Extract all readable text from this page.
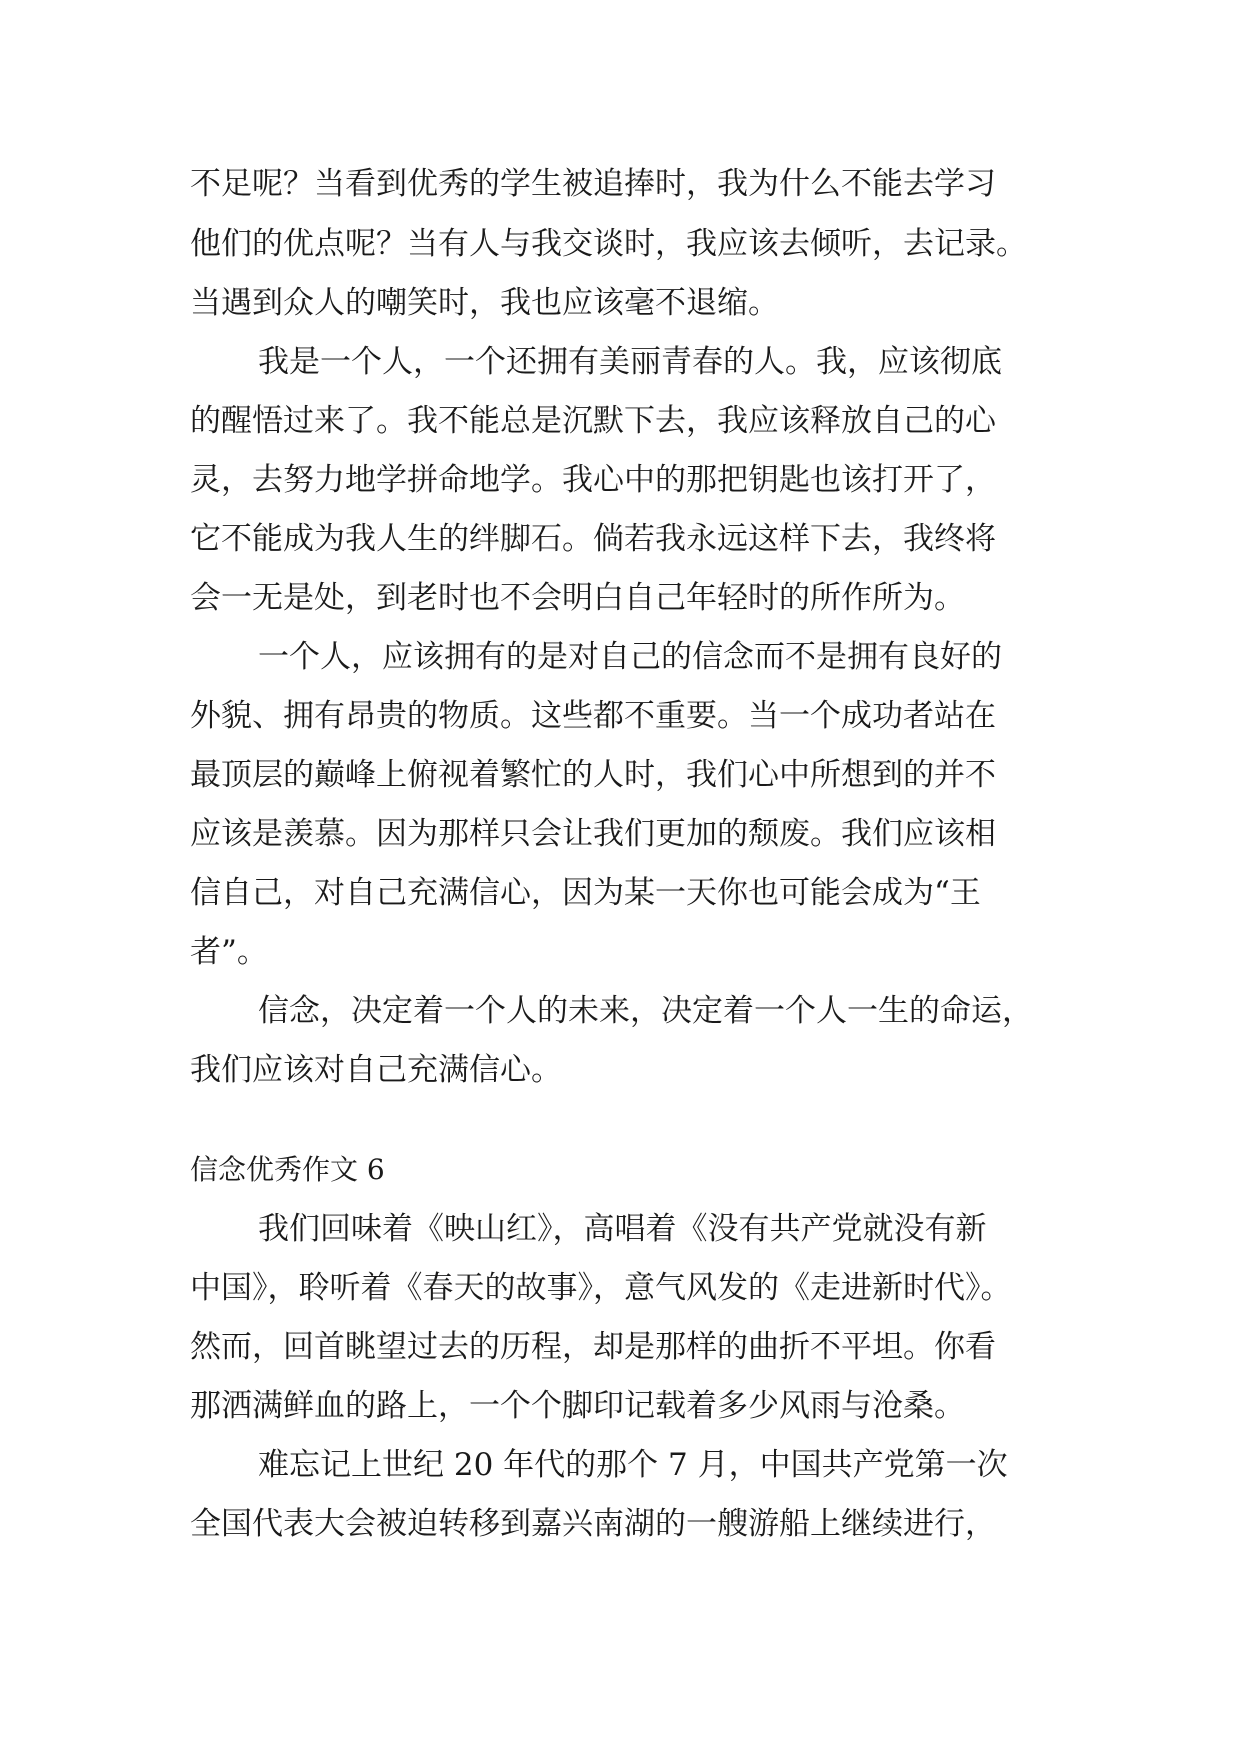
不足呢？当看到优秀的学生被追捧时，我为什么不能去学习
他们的优点呢？当有人与我交谈时，我应该去倾听，去记录。
当遇到众人的嘲笑时，我也应该毫不退缩。
我是一个人，一个还拥有美丽青春的人。我，应该彻底
的醒悟过来了。我不能总是沉默下去，我应该释放自己的心
灵，去努力地学拼命地学。我心中的那把钥匙也该打开了，
它不能成为我人生的绊脚石。倘若我永远这样下去，我终将
会一无是处，到老时也不会明白自己年轻时的所作所为。
一个人，应该拥有的是对自己的信念而不是拥有良好的
外貌、拥有昂贵的物质。这些都不重要。当一个成功者站在
最顶层的巅峰上俯视着繁忙的人时，我们心中所想到的并不
应该是羡慕。因为那样只会让我们更加的颓废。我们应该相
信自己，对自己充满信心，因为某一天你也可能会成为“王
者”。
信念，决定着一个人的未来，决定着一个人一生的命运，
我们应该对自己充满信心。
信念优秀作文 6
我们回味着《映山红》，高唱着《没有共产党就没有新
中国》，聆听着《春天的故事》，意气风发的《走进新时代》。
然而，回首眺望过去的历程，却是那样的曲折不平坦。你看
那洒满鲜血的路上，一个个脚印记载着多少风雨与沧桑。
难忘记上世纪 20 年代的那个 7 月，中国共产党第一次
全国代表大会被迫转移到嘉兴南湖的一艘游船上继续进行，
